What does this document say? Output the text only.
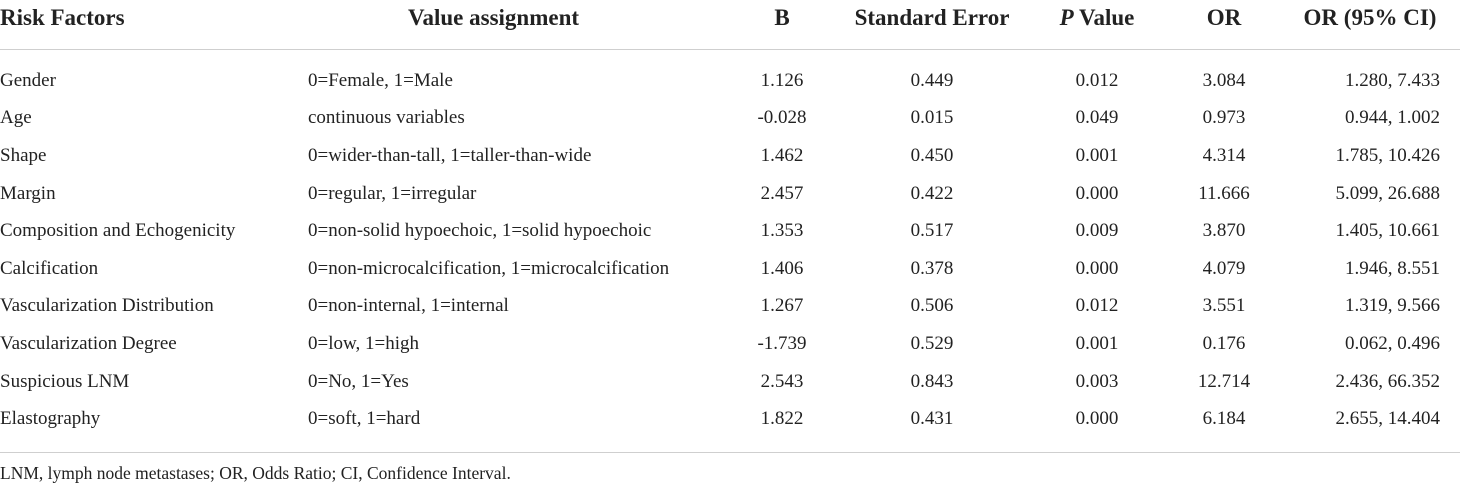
Risk Factors	Value assignment	B	Standard Error	P Value	OR	OR (95% CI)
Gender	0=Female, 1=Male	1.126	0.449	0.012	3.084	1.280, 7.433
Age	continuous variables	-0.028	0.015	0.049	0.973	0.944, 1.002
Shape	0=wider-than-tall, 1=taller-than-wide	1.462	0.450	0.001	4.314	1.785, 10.426
Margin	0=regular, 1=irregular	2.457	0.422	0.000	11.666	5.099, 26.688
Composition and Echogenicity	0=non-solid hypoechoic, 1=solid hypoechoic	1.353	0.517	0.009	3.870	1.405, 10.661
Calcification	0=non-microcalcification, 1=microcalcification	1.406	0.378	0.000	4.079	1.946, 8.551
Vascularization Distribution	0=non-internal, 1=internal	1.267	0.506	0.012	3.551	1.319, 9.566
Vascularization Degree	0=low, 1=high	-1.739	0.529	0.001	0.176	0.062, 0.496
Suspicious LNM	0=No, 1=Yes	2.543	0.843	0.003	12.714	2.436, 66.352
Elastography	0=soft, 1=hard	1.822	0.431	0.000	6.184	2.655, 14.404
LNM, lymph node metastases; OR, Odds Ratio; CI, Confidence Interval.
